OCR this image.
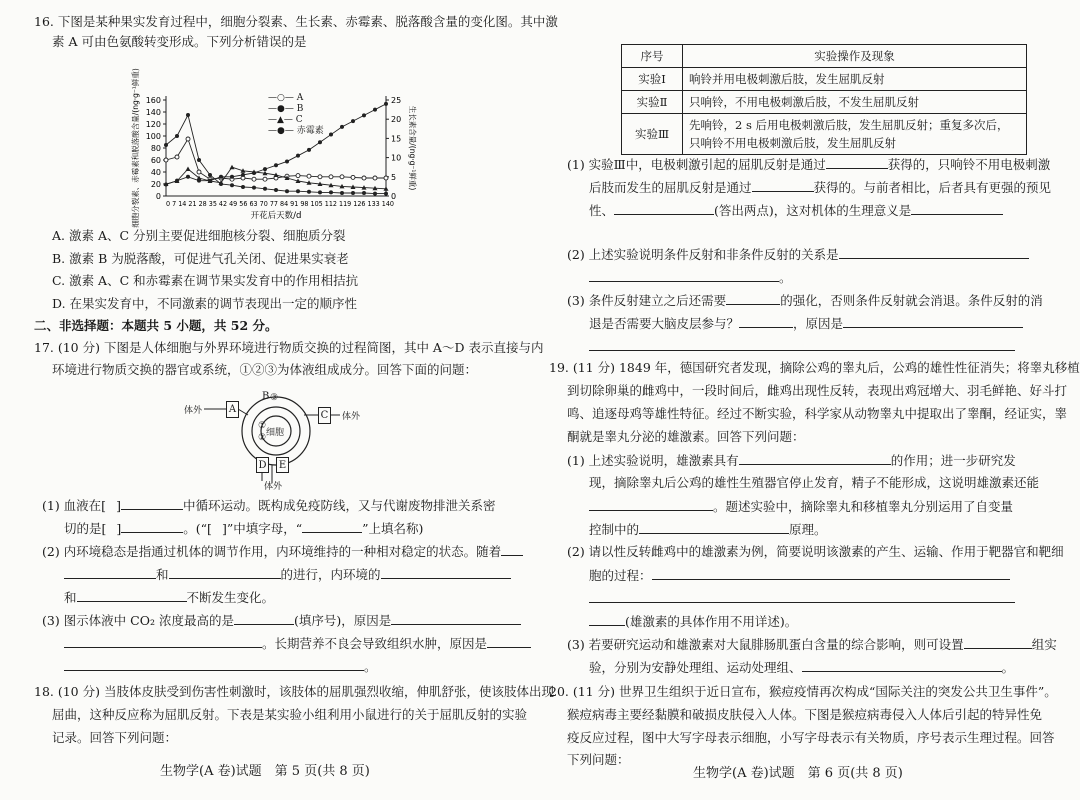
16. 下图是某种果实发育过程中，细胞分裂素、生长素、赤霉素、脱落酸含量的变化图。其中激
素 A 可由色氨酸转变形成。下列分析错误的是
0
20
40
60
80
100
120
140
160
0
5
10
15
20
25
0 7 14 21 28 35 42 49 56 63 70 77 84 91 98 105 112 119 126 133 140
开花后天数/d
细胞分裂素、赤霉素和脱落酸含量/(ng·g⁻¹鲜重)	生长素含量/(ng·g⁻¹鲜重)
—○— A
—●— B
—▲— C
—●— 赤霉素
A. 激素 A、C 分别主要促进细胞核分裂、细胞质分裂
B. 激素 B 为脱落酸，可促进气孔关闭、促进果实衰老
C. 激素 A、C 和赤霉素在调节果实发育中的作用相拮抗
D. 在果实发育中，不同激素的调节表现出一定的顺序性
二、非选择题：本题共 5 小题，共 52 分。
17. (10 分) 下图是人体细胞与外界环境进行物质交换的过程简图，其中 A～D 表示直接与内
环境进行物质交换的器官或系统，①②③为体液组成成分。回答下面的问题：
体外	A
B
C 体外
细胞
③
①
②
D E
体外
(1) 血液在[ ]	中循环运动。既构成免疫防线，又与代谢废物排泄关系密
切的是[ ]	。(“[ ]”中填字母，“	”上填名称)
(2) 内环境稳态是指通过机体的调节作用，内环境维持的一种相对稳定的状态。随着
和	的进行，内环境的
和	不断发生变化。
(3) 图示体液中 CO₂ 浓度最高的是	(填序号)，原因是
。长期营养不良会导致组织水肿，原因是
。
18. (10 分) 当肢体皮肤受到伤害性刺激时，该肢体的屈肌强烈收缩，伸肌舒张，使该肢体出现
屈曲，这种反应称为屈肌反射。下表是某实验小组利用小鼠进行的关于屈肌反射的实验
记录。回答下列问题：
生物学(A 卷)试题　第 5 页(共 8 页)
序号	实验操作及现象
实验Ⅰ	响铃并用电极刺激后肢，发生屈肌反射
实验Ⅱ	只响铃，不用电极刺激后肢，不发生屈肌反射
实验Ⅲ	先响铃，2 s 后用电极刺激后肢，发生屈肌反射；重复多次后，
只响铃不用电极刺激后肢，发生屈肌反射
(1) 实验Ⅲ中，电极刺激引起的屈肌反射是通过	获得的，只响铃不用电极刺激
后肢而发生的屈肌反射是通过	获得的。与前者相比，后者具有更强的预见
性、	(答出两点)，这对机体的生理意义是
(2) 上述实验说明条件反射和非条件反射的关系是
。
(3) 条件反射建立之后还需要	的强化，否则条件反射就会消退。条件反射的消
退是否需要大脑皮层参与？	，原因是
19. (11 分) 1849 年，德国研究者发现，摘除公鸡的睾丸后，公鸡的雄性性征消失；将睾丸移植
到切除卵巢的雌鸡中，一段时间后，雌鸡出现性反转，表现出鸡冠增大、羽毛鲜艳、好斗打
鸣、追逐母鸡等雄性特征。经过不断实验，科学家从动物睾丸中提取出了睾酮，经证实，睾
酮就是睾丸分泌的雄激素。回答下列问题：
(1) 上述实验说明，雄激素具有	的作用；进一步研究发
现，摘除睾丸后公鸡的雄性生殖器官停止发育，精子不能形成，这说明雄激素还能
。题述实验中，摘除睾丸和移植睾丸分别运用了自变量
控制中的	原理。
(2) 请以性反转雌鸡中的雄激素为例，简要说明该激素的产生、运输、作用于靶器官和靶细
胞的过程：
(雄激素的具体作用不用详述)。
(3) 若要研究运动和雄激素对大鼠腓肠肌蛋白含量的综合影响，则可设置	组实
验，分别为安静处理组、运动处理组、	。
20. (11 分) 世界卫生组织于近日宣布，猴痘疫情再次构成“国际关注的突发公共卫生事件”。
猴痘病毒主要经黏膜和破损皮肤侵入人体。下图是猴痘病毒侵入人体后引起的特异性免
疫反应过程，图中大写字母表示细胞，小写字母表示有关物质，序号表示生理过程。回答
下列问题：
生物学(A 卷)试题　第 6 页(共 8 页)
